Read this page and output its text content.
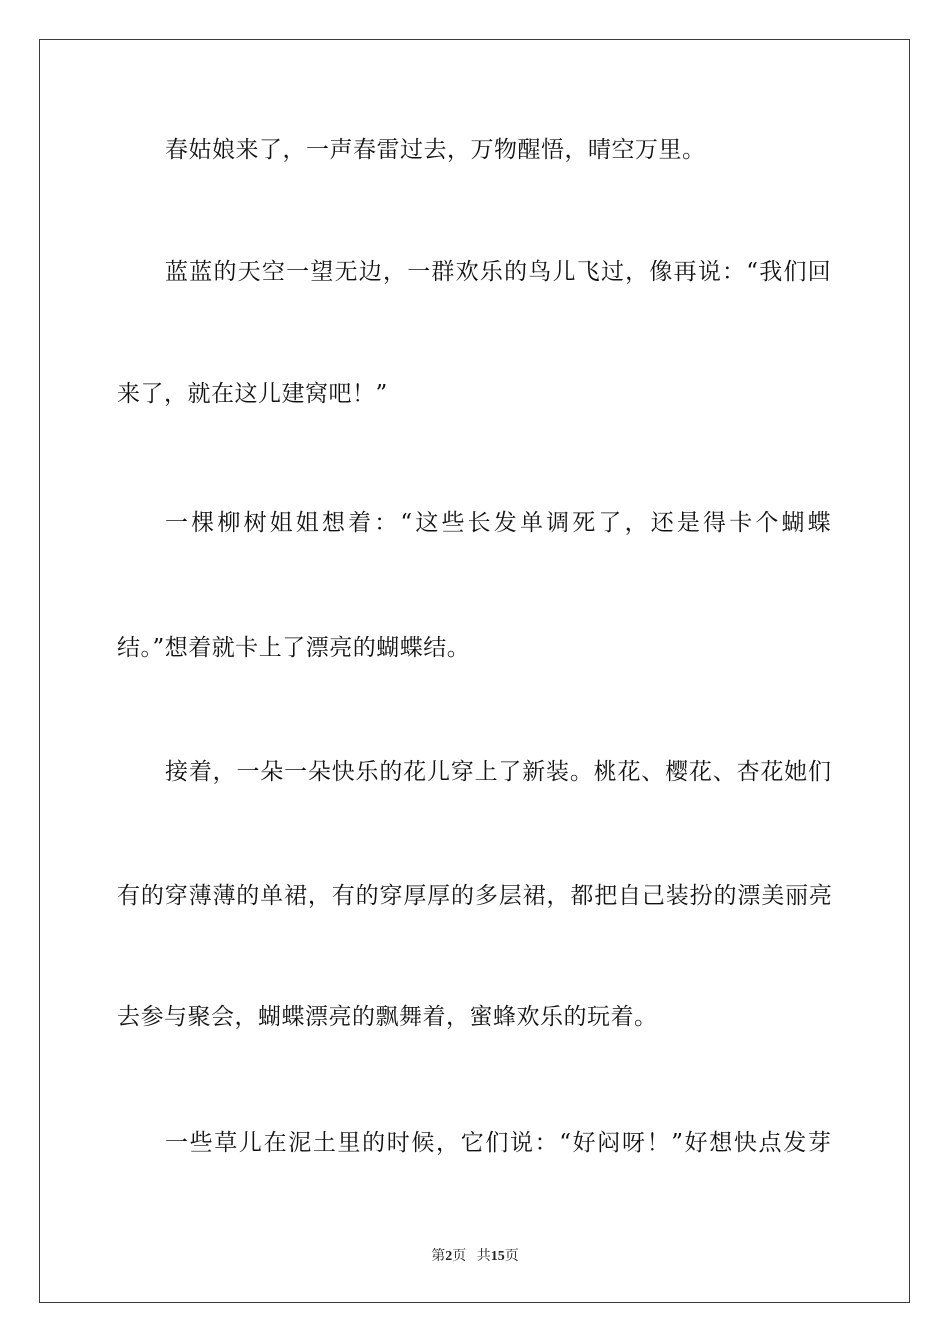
春姑娘来了，一声春雷过去，万物醒悟，晴空万里。
蓝 蓝 的 天 空 一 望 无 边 ， 一 群 欢 乐 的 鸟 儿 飞 过 ， 像 再 说 ： “ 我 们 回
来了，就在这儿建窝吧！”
一 棵 柳 树 姐 姐 想 着 ： “ 这 些 长 发 单 调 死 了 ， 还 是 得 卡 个 蝴 蝶
结。”想着就卡上了漂亮的蝴蝶结。
接 着 ， 一 朵 一 朵 快 乐 的 花 儿 穿 上 了 新 装 。 桃 花 、 樱 花 、 杏 花 她 们
有 的 穿 薄 薄 的 单 裙 ， 有 的 穿 厚 厚 的 多 层 裙 ， 都 把 自 己 装 扮 的 漂 美 丽 亮
去参与聚会，蝴蝶漂亮的飘舞着，蜜蜂欢乐的玩着。
一 些 草 儿 在 泥 土 里 的 时 候 ， 它 们 说 ： “ 好 闷 呀 ！ ” 好 想 快 点 发 芽
第2页 共15页
